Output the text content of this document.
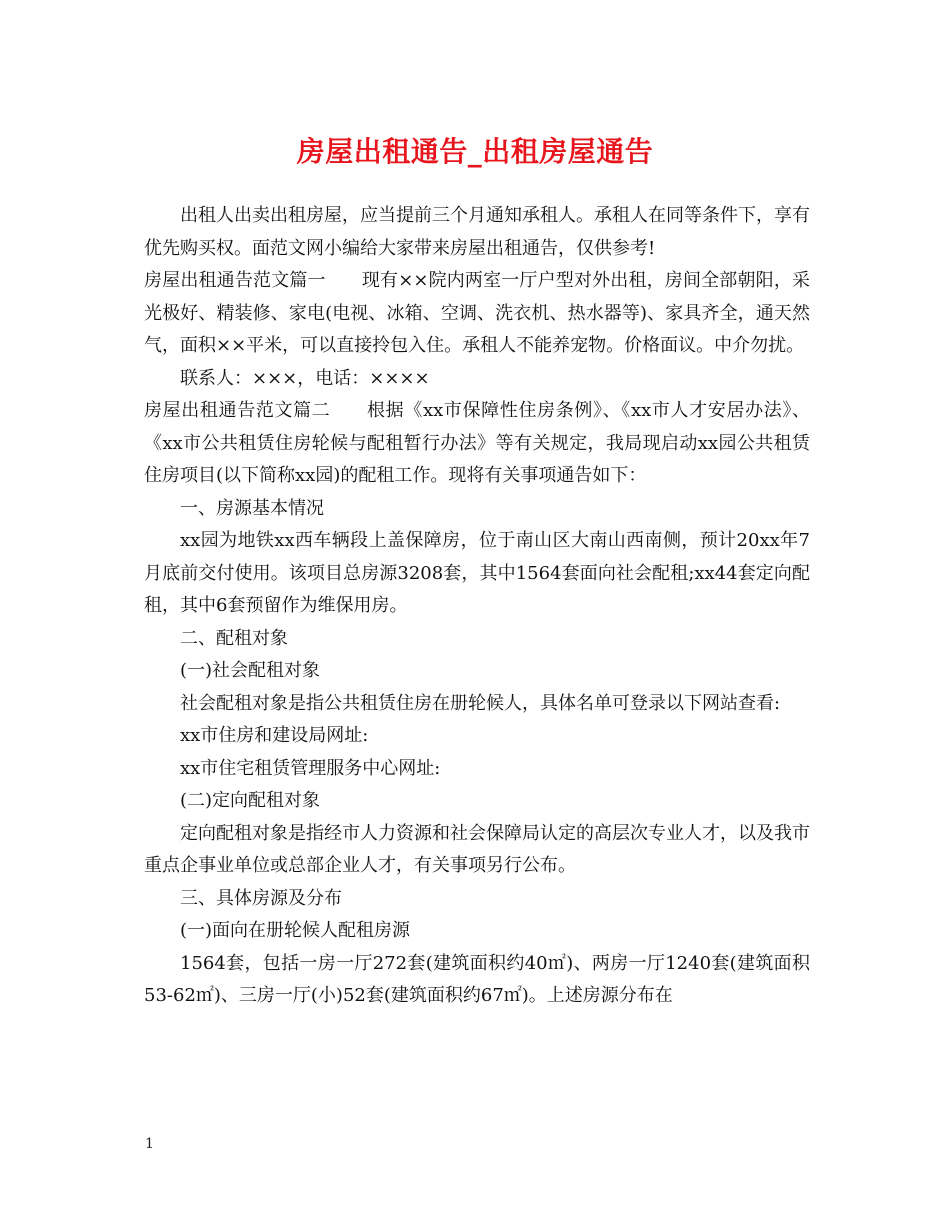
房屋出租通告_出租房屋通告

出租人出卖出租房屋，应当提前三个月通知承租人。承租人在同等条件下，享有优先购买权。面范文网小编给大家带来房屋出租通告，仅供参考!

房屋出租通告范文篇一 现有××院内两室一厅户型对外出租，房间全部朝阳，采光极好、精装修、家电(电视、冰箱、空调、洗衣机、热水器等)、家具齐全，通天然气，面积××平米，可以直接拎包入住。承租人不能养宠物。价格面议。中介勿扰。

联系人：×××，电话：××××

房屋出租通告范文篇二 根据《xx市保障性住房条例》、《xx市人才安居办法》、《xx市公共租赁住房轮候与配租暂行办法》等有关规定，我局现启动xx园公共租赁住房项目(以下简称xx园)的配租工作。现将有关事项通告如下：

一、房源基本情况

xx园为地铁xx西车辆段上盖保障房，位于南山区大南山西南侧，预计20xx年7月底前交付使用。该项目总房源3208套，其中1564套面向社会配租;xx44套定向配租，其中6套预留作为维保用房。

二、配租对象

(一)社会配租对象

社会配租对象是指公共租赁住房在册轮候人，具体名单可登录以下网站查看:

xx市住房和建设局网址:

xx市住宅租赁管理服务中心网址:

(二)定向配租对象

定向配租对象是指经市人力资源和社会保障局认定的高层次专业人才，以及我市重点企事业单位或总部企业人才，有关事项另行公布。

三、具体房源及分布

(一)面向在册轮候人配租房源

1564套，包括一房一厅272套(建筑面积约40㎡)、两房一厅1240套(建筑面积53-62㎡)、三房一厅(小)52套(建筑面积约67㎡)。上述房源分布在

1
